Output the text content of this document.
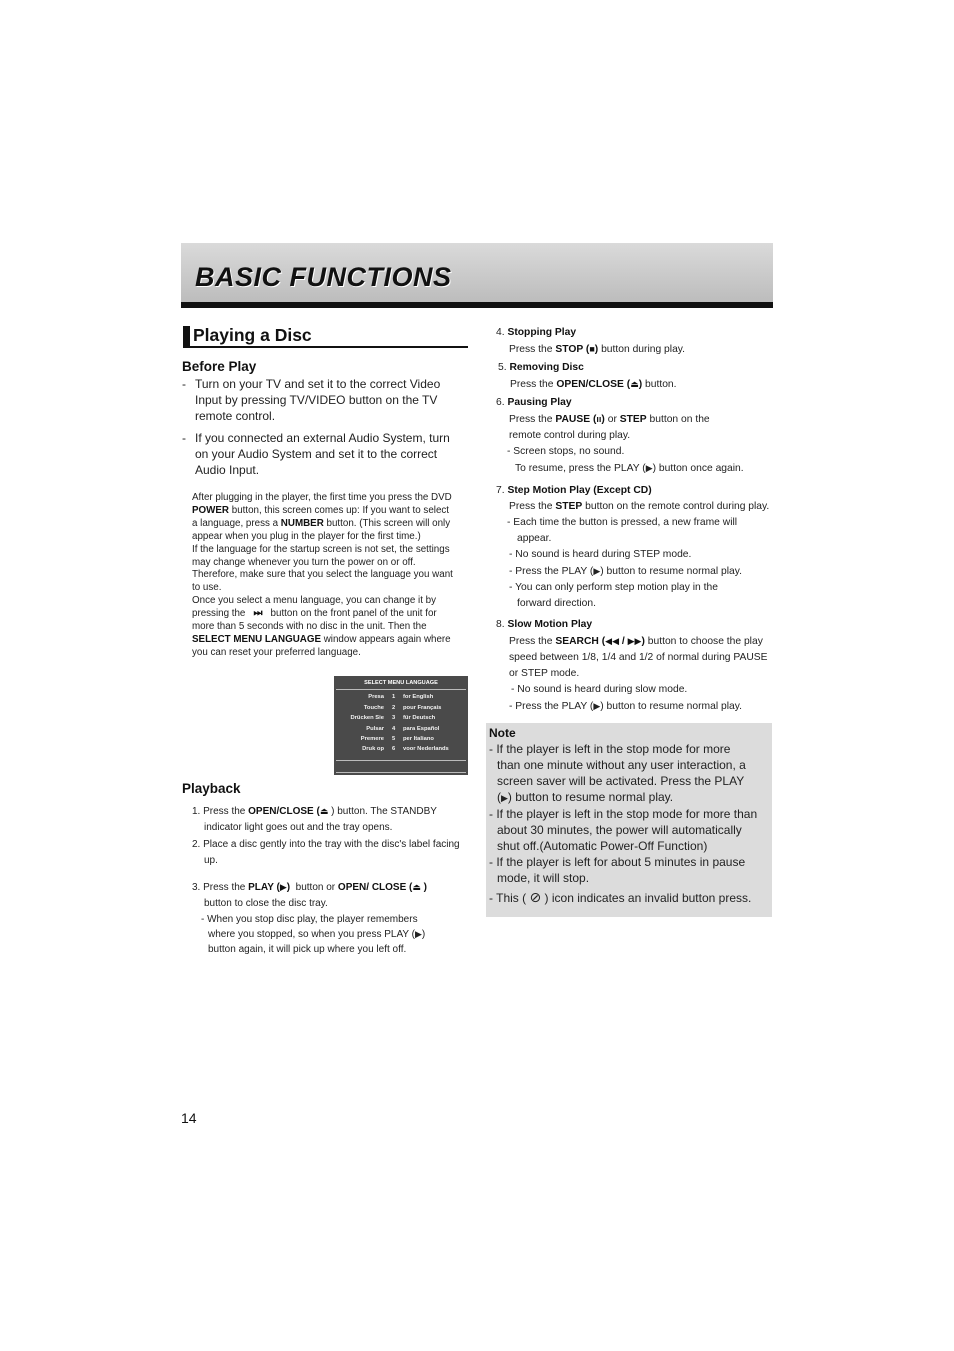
BASIC FUNCTIONS
Playing a Disc
Before Play
- Turn on your TV and set it to the correct Video
Input by pressing TV/VIDEO button on the TV
remote control.
- If you connected an external Audio System, turn
on your Audio System and set it to the correct
Audio Input.
After plugging in the player, the first time you press the DVD
POWER button, this screen comes up: If you want to select
a language, press a NUMBER button. (This screen will only
appear when you plug in the player for the first time.)
If the language for the startup screen is not set, the settings
may change whenever you turn the power on or off.
Therefore, make sure that you select the language you want
to use.
Once you select a menu language, you can change it by
pressing the ⏭ button on the front panel of the unit for
more than 5 seconds with no disc in the unit. Then the
SELECT MENU LANGUAGE window appears again where
you can reset your preferred language.
SELECT MENU LANGUAGE
Presa 1 for English
Touche 2 pour Français
Drücken Sie 3 für Deutsch
Pulsar 4 para Español
Premere 5 per Italiano
Druk op 6 voor Nederlands
Playback
1. Press the OPEN/CLOSE (⏏ ) button. The STANDBY
indicator light goes out and the tray opens.
2. Place a disc gently into the tray with the disc's label facing
up.
3. Press the PLAY (▶) button or OPEN/ CLOSE (⏏ )
button to close the disc tray.
- When you stop disc play, the player remembers
where you stopped, so when you press PLAY (▶)
button again, it will pick up where you left off.
4. Stopping Play
Press the STOP (■) button during play.
5. Removing Disc
Press the OPEN/CLOSE (⏏) button.
6. Pausing Play
Press the PAUSE (ıı) or STEP button on the
remote control during play.
- Screen stops, no sound.
To resume, press the PLAY (▶) button once again.
7. Step Motion Play (Except CD)
Press the STEP button on the remote control during play.
- Each time the button is pressed, a new frame will
appear.
- No sound is heard during STEP mode.
- Press the PLAY (▶) button to resume normal play.
- You can only perform step motion play in the
forward direction.
8. Slow Motion Play
Press the SEARCH (◀◀ / ▶▶) button to choose the play
speed between 1/8, 1/4 and 1/2 of normal during PAUSE
or STEP mode.
- No sound is heard during slow mode.
- Press the PLAY (▶) button to resume normal play.
Note
- If the player is left in the stop mode for more
than one minute without any user interaction, a
screen saver will be activated. Press the PLAY
(▶) button to resume normal play.
- If the player is left in the stop mode for more than
about 30 minutes, the power will automatically
shut off.(Automatic Power-Off Function)
- If the player is left for about 5 minutes in pause
mode, it will stop.
- This ( ⊘ ) icon indicates an invalid button press.
14
